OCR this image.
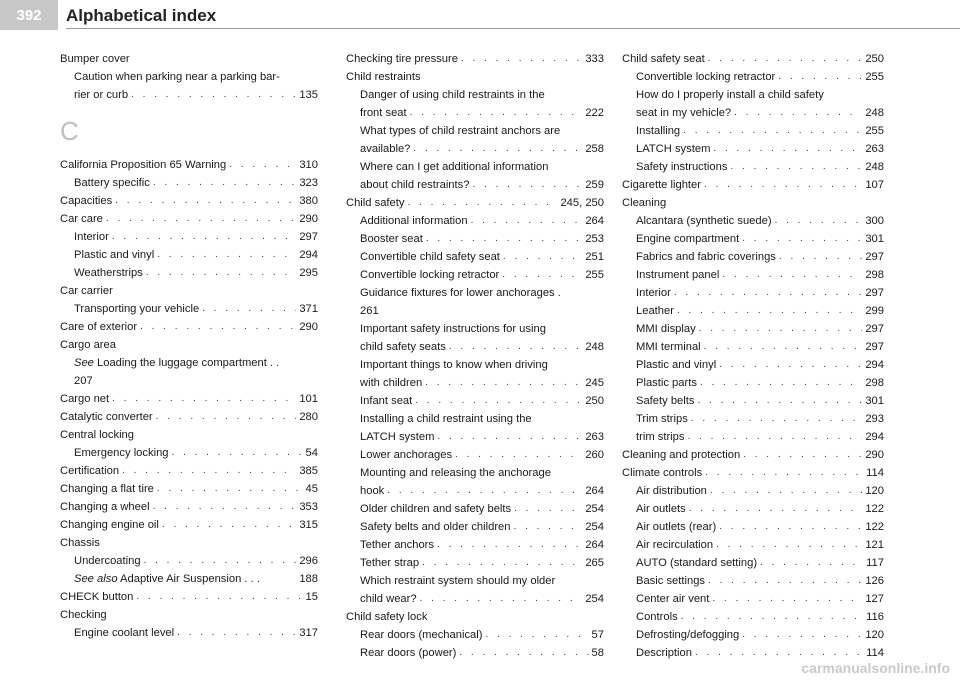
392	Alphabetical index
Bumper cover
Caution when parking near a parking bar-
rier or curb . . .	135
C
California Proposition 65 Warning . . .	310
Battery specific . . .	323
Capacities . . .	380
Car care . . .	290
Interior . . .	297
Plastic and vinyl . . .	294
Weatherstrips . . .	295
Car carrier
Transporting your vehicle . . .	371
Care of exterior . . .	290
Cargo area
See Loading the luggage compartment . .
207
Cargo net . . .	101
Catalytic converter . . .	280
Central locking
Emergency locking . . .	54
Certification . . .	385
Changing a flat tire . . .	45
Changing a wheel . . .	353
Changing engine oil . . .	315
Chassis
Undercoating . . .	296
See also Adaptive Air Suspension . . .	188
CHECK button . . .	15
Checking
Engine coolant level . . .	317
Checking tire pressure . . .	333
Child restraints
Danger of using child restraints in the
front seat . . .	222
What types of child restraint anchors are
available? . . .	258
Where can I get additional information
about child restraints? . . .	259
Child safety . . .	245, 250
Additional information . . .	264
Booster seat . . .	253
Convertible child safety seat . . .	251
Convertible locking retractor . . .	255
Guidance fixtures for lower anchorages .
261
Important safety instructions for using
child safety seats . . .	248
Important things to know when driving
with children . . .	245
Infant seat . . .	250
Installing a child restraint using the
LATCH system . . .	263
Lower anchorages . . .	260
Mounting and releasing the anchorage
hook . . .	264
Older children and safety belts . . .	254
Safety belts and older children . . .	254
Tether anchors . . .	264
Tether strap . . .	265
Which restraint system should my older
child wear? . . .	254
Child safety lock
Rear doors (mechanical) . . .	57
Rear doors (power) . . .	58
Child safety seat . . .	250
Convertible locking retractor . . .	255
How do I properly install a child safety
seat in my vehicle? . . .	248
Installing . . .	255
LATCH system . . .	263
Safety instructions . . .	248
Cigarette lighter . . .	107
Cleaning
Alcantara (synthetic suede) . . .	300
Engine compartment . . .	301
Fabrics and fabric coverings . . .	297
Instrument panel . . .	298
Interior . . .	297
Leather . . .	299
MMI display . . .	297
MMI terminal . . .	297
Plastic and vinyl . . .	294
Plastic parts . . .	298
Safety belts . . .	301
Trim strips . . .	293
trim strips . . .	294
Cleaning and protection . . .	290
Climate controls . . .	114
Air distribution . . .	120
Air outlets . . .	122
Air outlets (rear) . . .	122
Air recirculation . . .	121
AUTO (standard setting) . . .	117
Basic settings . . .	126
Center air vent . . .	127
Controls . . .	116
Defrosting/defogging . . .	120
Description . . .	114
carmanualsonline.info
